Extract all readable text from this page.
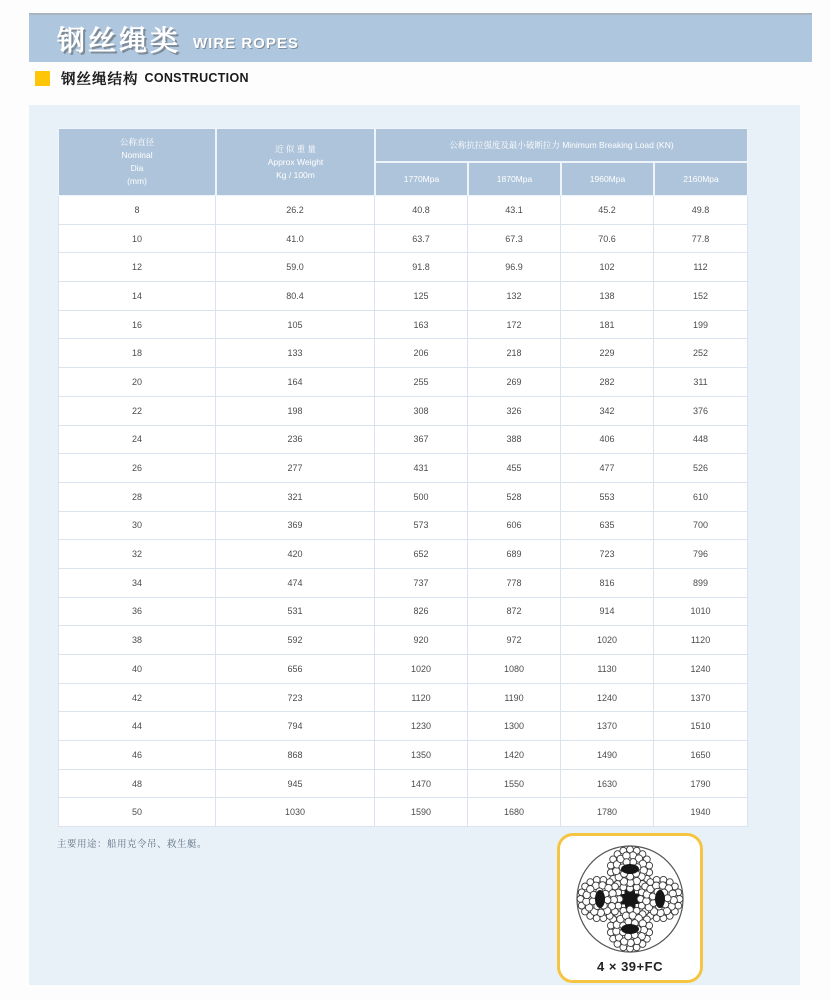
钢丝绳类 WIRE ROPES
钢丝绳结构 CONSTRUCTION
公称直径
Nominal
Dia
(mm)	近 似 重 量
Approx Weight
Kg / 100m	公称抗拉强度及最小破断拉力 Minimum Breaking Load (KN)			
		1770Mpa	1870Mpa	1960Mpa	2160Mpa
8	26.2	40.8	43.1	45.2	49.8
10	41.0	63.7	67.3	70.6	77.8
12	59.0	91.8	96.9	102	112
14	80.4	125	132	138	152
16	105	163	172	181	199
18	133	206	218	229	252
20	164	255	269	282	311
22	198	308	326	342	376
24	236	367	388	406	448
26	277	431	455	477	526
28	321	500	528	553	610
30	369	573	606	635	700
32	420	652	689	723	796
34	474	737	778	816	899
36	531	826	872	914	1010
38	592	920	972	1020	1120
40	656	1020	1080	1130	1240
42	723	1120	1190	1240	1370
44	794	1230	1300	1370	1510
46	868	1350	1420	1490	1650
48	945	1470	1550	1630	1790
50	1030	1590	1680	1780	1940
主要用途：船用克令吊、救生艇。
4 × 39+FC
